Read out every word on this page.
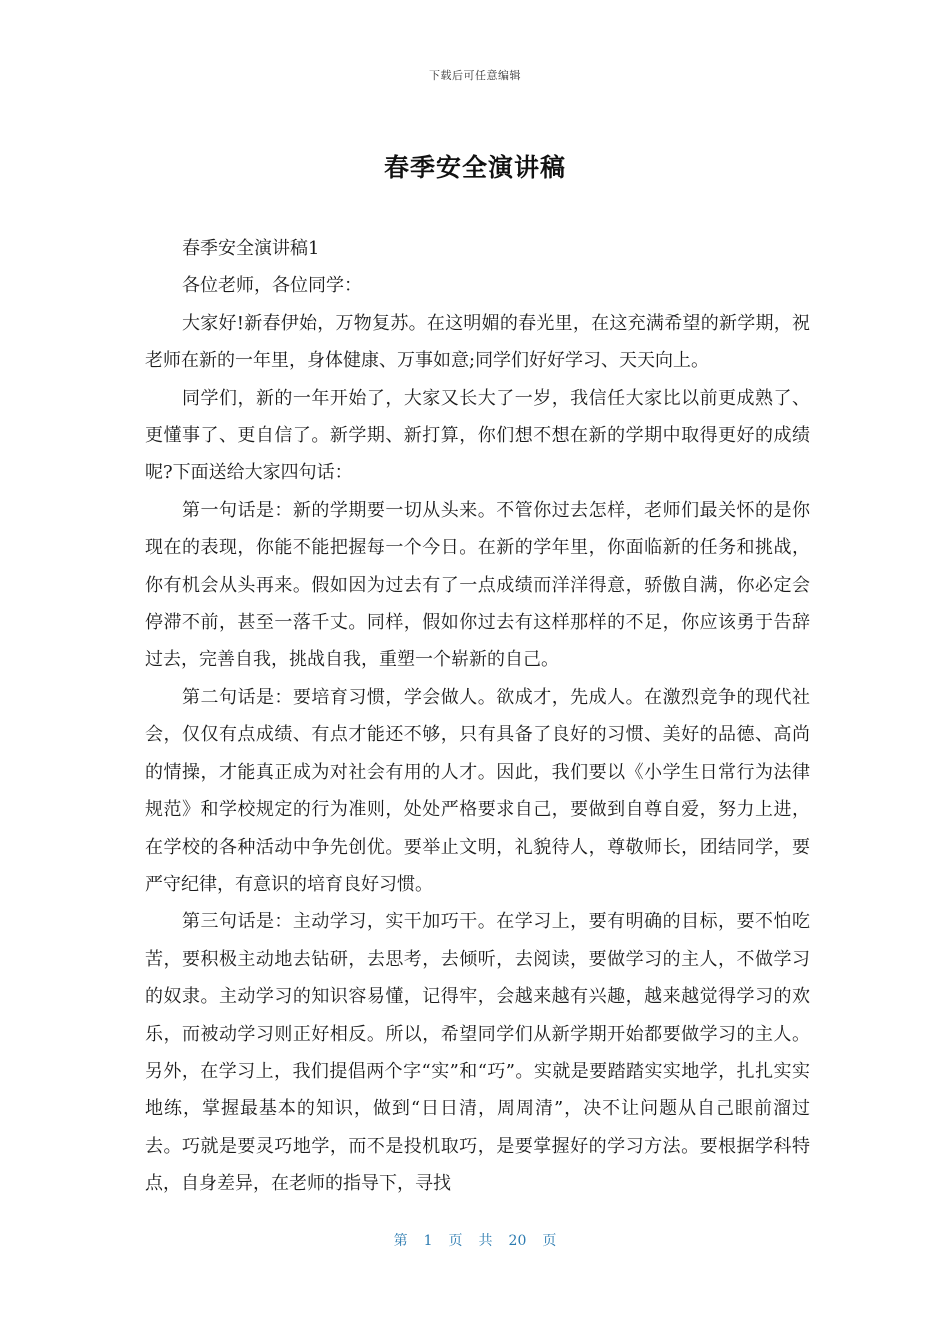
下载后可任意编辑
春季安全演讲稿

春季安全演讲稿1

各位老师，各位同学：

大家好!新春伊始，万物复苏。在这明媚的春光里，在这充满希望的新学期，祝老师在新的一年里，身体健康、万事如意;同学们好好学习、天天向上。

同学们，新的一年开始了，大家又长大了一岁，我信任大家比以前更成熟了、更懂事了、更自信了。新学期、新打算，你们想不想在新的学期中取得更好的成绩呢?下面送给大家四句话：

第一句话是：新的学期要一切从头来。不管你过去怎样，老师们最关怀的是你现在的表现，你能不能把握每一个今日。在新的学年里，你面临新的任务和挑战，你有机会从头再来。假如因为过去有了一点成绩而洋洋得意，骄傲自满，你必定会停滞不前，甚至一落千丈。同样，假如你过去有这样那样的不足，你应该勇于告辞过去，完善自我，挑战自我，重塑一个崭新的自己。

第二句话是：要培育习惯，学会做人。欲成才，先成人。在激烈竞争的现代社会，仅仅有点成绩、有点才能还不够，只有具备了良好的习惯、美好的品德、高尚的情操，才能真正成为对社会有用的人才。因此，我们要以《小学生日常行为法律规范》和学校规定的行为准则，处处严格要求自己，要做到自尊自爱，努力上进，在学校的各种活动中争先创优。要举止文明，礼貌待人，尊敬师长，团结同学，要严守纪律，有意识的培育良好习惯。

第三句话是：主动学习，实干加巧干。在学习上，要有明确的目标，要不怕吃苦，要积极主动地去钻研，去思考，去倾听，去阅读，要做学习的主人，不做学习的奴隶。主动学习的知识容易懂，记得牢，会越来越有兴趣，越来越觉得学习的欢乐，而被动学习则正好相反。所以，希望同学们从新学期开始都要做学习的主人。另外，在学习上，我们提倡两个字“实”和“巧”。实就是要踏踏实实地学，扎扎实实地练，掌握最基本的知识，做到“日日清，周周清”，决不让问题从自己眼前溜过去。巧就是要灵巧地学，而不是投机取巧，是要掌握好的学习方法。要根据学科特点，自身差异，在老师的指导下，寻找

第 1 页 共 20 页
